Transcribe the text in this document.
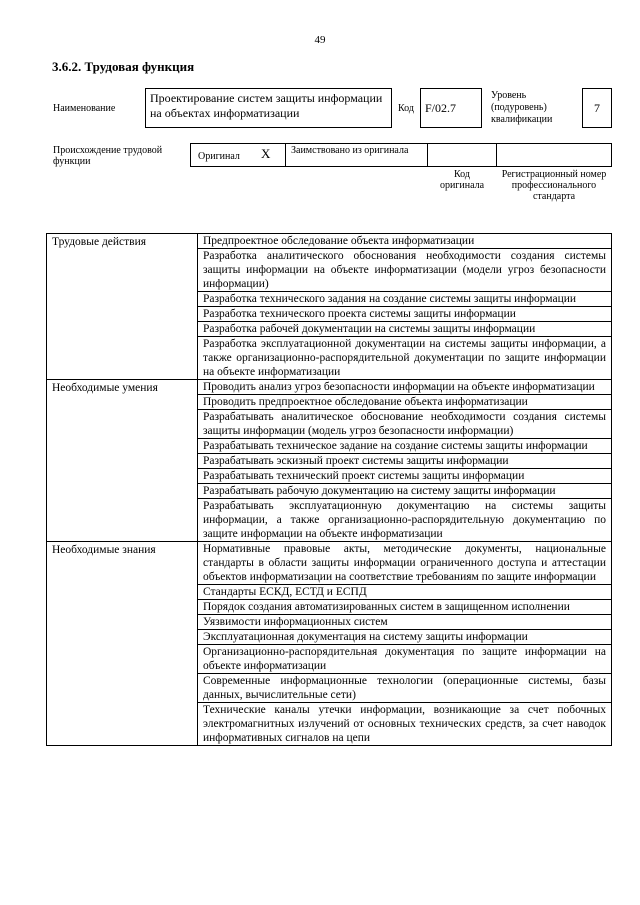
49
3.6.2. Трудовая функция
Наименование
Проектирование систем защиты информации на объектах информатизации	Код F/02.7
Уровень (подуровень) квалификации
7
Происхождение трудовой функции	Оригинал X Заимствовано из оригинала
Код оригинала
Регистрационный номер профессионального стандарта
Трудовые действия	Предпроектное обследование объекта информатизации
	Разработка аналитического обоснования необходимости создания системы защиты информации на объекте информатизации (модели угроз безопасности информации)
	Разработка технического задания на создание системы защиты информации
	Разработка технического проекта системы защиты информации
	Разработка рабочей документации на системы защиты информации
	Разработка эксплуатационной документации на системы защиты информации, а также организационно-распорядительной документации по защите информации на объекте информатизации
Необходимые умения	Проводить анализ угроз безопасности информации на объекте информатизации
	Проводить предпроектное обследование объекта информатизации
	Разрабатывать аналитическое обоснование необходимости создания системы защиты информации (модель угроз безопасности информации)
	Разрабатывать техническое задание на создание системы защиты информации
	Разрабатывать эскизный проект системы защиты информации
	Разрабатывать технический проект системы защиты информации
	Разрабатывать рабочую документацию на систему защиты информации
	Разрабатывать эксплуатационную документацию на системы защиты информации, а также организационно-распорядительную документацию по защите информации на объекте информатизации
Необходимые знания	Нормативные правовые акты, методические документы, национальные стандарты в области защиты информации ограниченного доступа и аттестации объектов информатизации на соответствие требованиям по защите информации
	Стандарты ЕСКД, ЕСТД и ЕСПД
	Порядок создания автоматизированных систем в защищенном исполнении
	Уязвимости информационных систем
	Эксплуатационная документация на систему защиты информации
	Организационно-распорядительная документация по защите информации на объекте информатизации
	Современные информационные технологии (операционные системы, базы данных, вычислительные сети)
	Технические каналы утечки информации, возникающие за счет побочных электромагнитных излучений от основных технических средств, за счет наводок информативных сигналов на цепи
